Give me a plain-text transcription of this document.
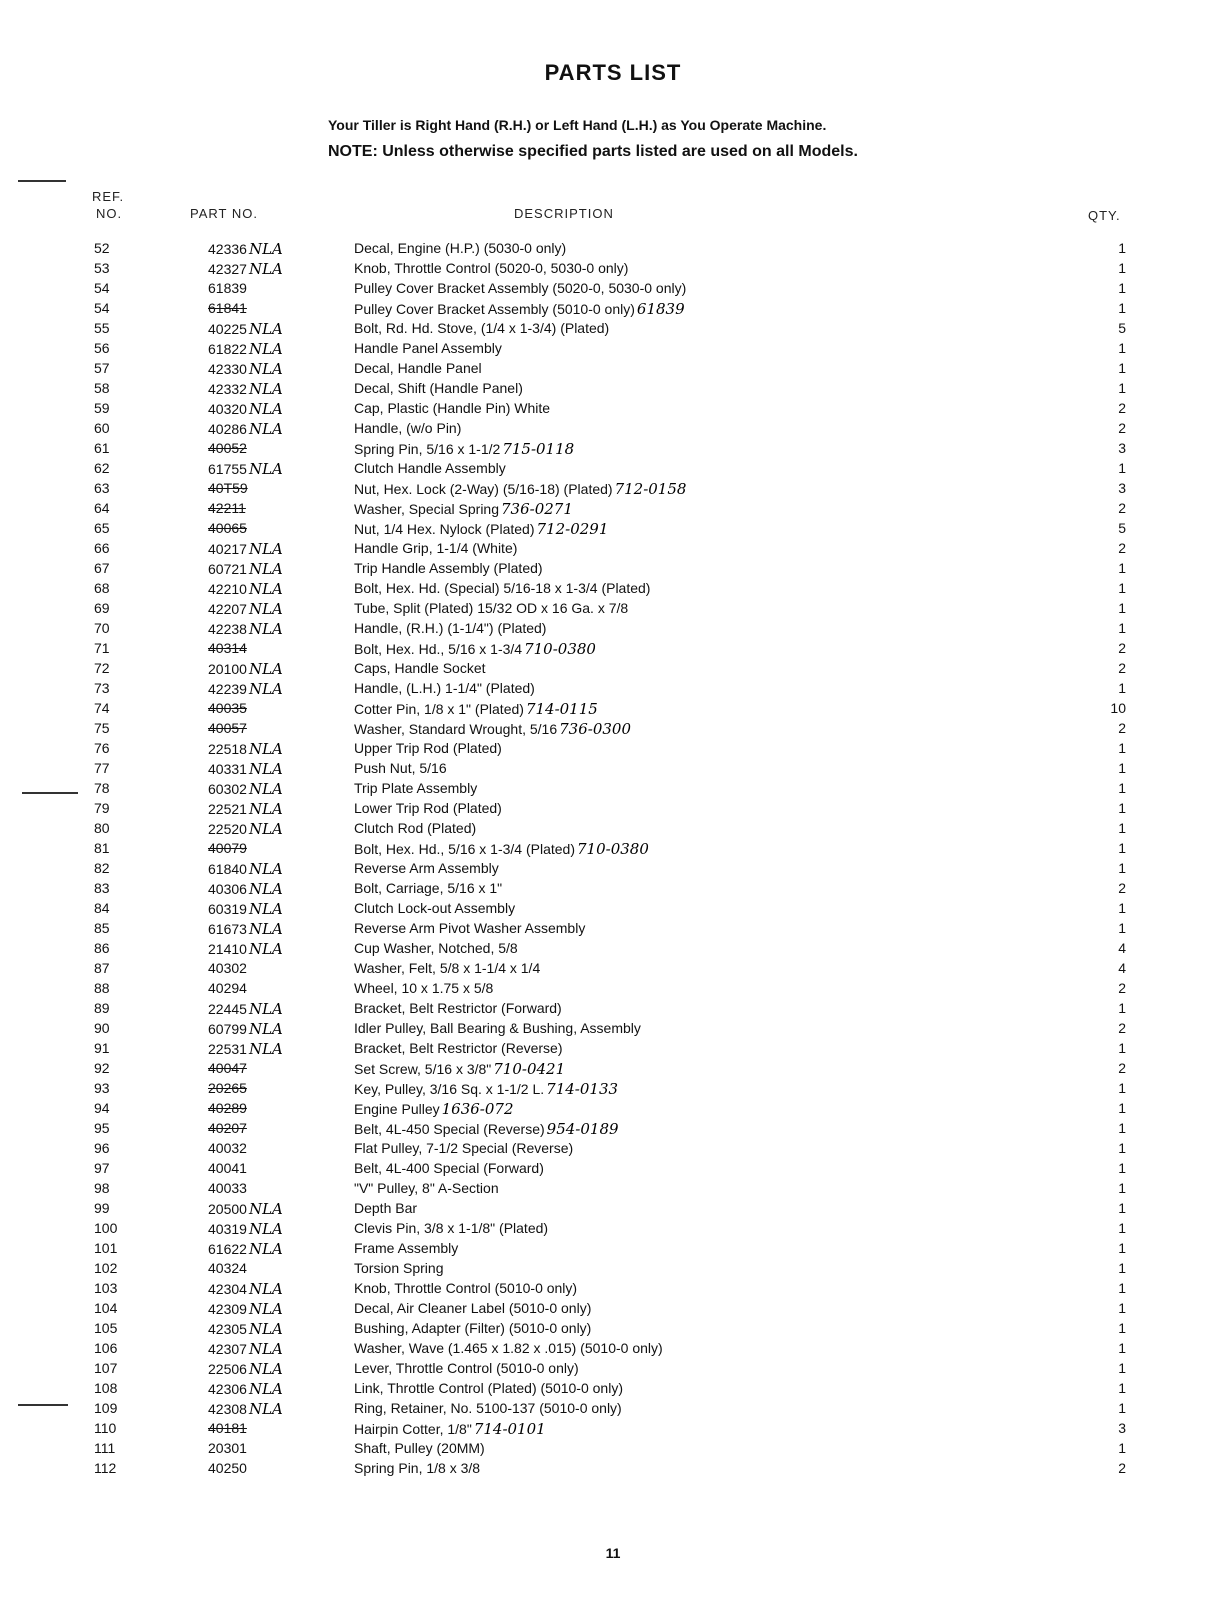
PARTS LIST
Your Tiller is Right Hand (R.H.) or Left Hand (L.H.) as You Operate Machine.
NOTE: Unless otherwise specified parts listed are used on all Models.
REF.
NO.	PART NO.	DESCRIPTION	QTY.
52	42336 NLA	Decal, Engine (H.P.) (5030-0 only)	1
53	42327 NLA	Knob, Throttle Control (5020-0, 5030-0 only)	1
54	61839	Pulley Cover Bracket Assembly (5020-0, 5030-0 only)	1
54	61841	Pulley Cover Bracket Assembly (5010-0 only) 61839	1
55	40225 NLA	Bolt, Rd. Hd. Stove, (1/4 x 1-3/4) (Plated)	5
56	61822 NLA	Handle Panel Assembly	1
57	42330 NLA	Decal, Handle Panel	1
58	42332 NLA	Decal, Shift (Handle Panel)	1
59	40320 NLA	Cap, Plastic (Handle Pin) White	2
60	40286 NLA	Handle, (w/o Pin)	2
61	40052	Spring Pin, 5/16 x 1-1/2 715-0118	3
62	61755 NLA	Clutch Handle Assembly	1
63	40T59	Nut, Hex. Lock (2-Way) (5/16-18) (Plated) 712-0158	3
64	42211	Washer, Special Spring 736-0271	2
65	40065	Nut, 1/4 Hex. Nylock (Plated) 712-0291	5
66	40217 NLA	Handle Grip, 1-1/4 (White)	2
67	60721 NLA	Trip Handle Assembly (Plated)	1
68	42210 NLA	Bolt, Hex. Hd. (Special) 5/16-18 x 1-3/4 (Plated)	1
69	42207 NLA	Tube, Split (Plated) 15/32 OD x 16 Ga. x 7/8	1
70	42238 NLA	Handle, (R.H.) (1-1/4") (Plated)	1
71	40314	Bolt, Hex. Hd., 5/16 x 1-3/4 710-0380	2
72	20100 NLA	Caps, Handle Socket	2
73	42239 NLA	Handle, (L.H.) 1-1/4" (Plated)	1
74	40035	Cotter Pin, 1/8 x 1" (Plated) 714-0115	10
75	40057	Washer, Standard Wrought, 5/16 736-0300	2
76	22518 NLA	Upper Trip Rod (Plated)	1
77	40331 NLA	Push Nut, 5/16	1
78	60302 NLA	Trip Plate Assembly	1
79	22521 NLA	Lower Trip Rod (Plated)	1
80	22520 NLA	Clutch Rod (Plated)	1
81	40079	Bolt, Hex. Hd., 5/16 x 1-3/4 (Plated) 710-0380	1
82	61840 NLA	Reverse Arm Assembly	1
83	40306 NLA	Bolt, Carriage, 5/16 x 1"	2
84	60319 NLA	Clutch Lock-out Assembly	1
85	61673 NLA	Reverse Arm Pivot Washer Assembly	1
86	21410 NLA	Cup Washer, Notched, 5/8	4
87	40302	Washer, Felt, 5/8 x 1-1/4 x 1/4	4
88	40294	Wheel, 10 x 1.75 x 5/8	2
89	22445 NLA	Bracket, Belt Restrictor (Forward)	1
90	60799 NLA	Idler Pulley, Ball Bearing & Bushing, Assembly	2
91	22531 NLA	Bracket, Belt Restrictor (Reverse)	1
92	40047	Set Screw, 5/16 x 3/8" 710-0421	2
93	20265	Key, Pulley, 3/16 Sq. x 1-1/2 L. 714-0133	1
94	40289	Engine Pulley 1636-072	1
95	40207	Belt, 4L-450 Special (Reverse) 954-0189	1
96	40032	Flat Pulley, 7-1/2 Special (Reverse)	1
97	40041	Belt, 4L-400 Special (Forward)	1
98	40033	"V" Pulley, 8" A-Section	1
99	20500 NLA	Depth Bar	1
100	40319 NLA	Clevis Pin, 3/8 x 1-1/8" (Plated)	1
101	61622 NLA	Frame Assembly	1
102	40324	Torsion Spring	1
103	42304 NLA	Knob, Throttle Control (5010-0 only)	1
104	42309 NLA	Decal, Air Cleaner Label (5010-0 only)	1
105	42305 NLA	Bushing, Adapter (Filter) (5010-0 only)	1
106	42307 NLA	Washer, Wave (1.465 x 1.82 x .015) (5010-0 only)	1
107	22506 NLA	Lever, Throttle Control (5010-0 only)	1
108	42306 NLA	Link, Throttle Control (Plated) (5010-0 only)	1
109	42308 NLA	Ring, Retainer, No. 5100-137 (5010-0 only)	1
110	40181	Hairpin Cotter, 1/8" 714-0101	3
111	20301	Shaft, Pulley (20MM)	1
112	40250	Spring Pin, 1/8 x 3/8	2
11
